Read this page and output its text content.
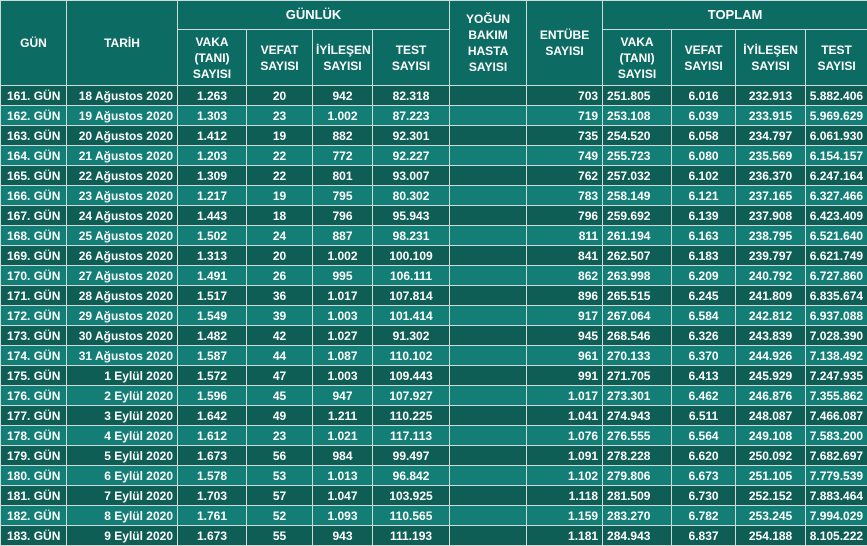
GÜN	TARİH	GÜNLÜK				YOĞUN BAKIM HASTA SAYISI	ENTÜBE SAYISI	TOPLAM			
		VAKA (TANI) SAYISI	VEFAT SAYISI	İYİLEŞEN SAYISI	TEST SAYISI			VAKA (TANI) SAYISI	VEFAT SAYISI	İYİLEŞEN SAYISI	TEST SAYISI
161. GÜN	18 Ağustos 2020	1.263	20	942	82.318		703	251.805	6.016	232.913	5.882.406
162. GÜN	19 Ağustos 2020	1.303	23	1.002	87.223		719	253.108	6.039	233.915	5.969.629
163. GÜN	20 Ağustos 2020	1.412	19	882	92.301		735	254.520	6.058	234.797	6.061.930
164. GÜN	21 Ağustos 2020	1.203	22	772	92.227		749	255.723	6.080	235.569	6.154.157
165. GÜN	22 Ağustos 2020	1.309	22	801	93.007		762	257.032	6.102	236.370	6.247.164
166. GÜN	23 Ağustos 2020	1.217	19	795	80.302		783	258.149	6.121	237.165	6.327.466
167. GÜN	24 Ağustos 2020	1.443	18	796	95.943		796	259.692	6.139	237.908	6.423.409
168. GÜN	25 Ağustos 2020	1.502	24	887	98.231		811	261.194	6.163	238.795	6.521.640
169. GÜN	26 Ağustos 2020	1.313	20	1.002	100.109		841	262.507	6.183	239.797	6.621.749
170. GÜN	27 Ağustos 2020	1.491	26	995	106.111		862	263.998	6.209	240.792	6.727.860
171. GÜN	28 Ağustos 2020	1.517	36	1.017	107.814		896	265.515	6.245	241.809	6.835.674
172. GÜN	29 Ağustos 2020	1.549	39	1.003	101.414		917	267.064	6.584	242.812	6.937.088
173. GÜN	30 Ağustos 2020	1.482	42	1.027	91.302		945	268.546	6.326	243.839	7.028.390
174. GÜN	31 Ağustos 2020	1.587	44	1.087	110.102		961	270.133	6.370	244.926	7.138.492
175. GÜN	1 Eylül 2020	1.572	47	1.003	109.443		991	271.705	6.413	245.929	7.247.935
176. GÜN	2 Eylül 2020	1.596	45	947	107.927		1.017	273.301	6.462	246.876	7.355.862
177. GÜN	3 Eylül 2020	1.642	49	1.211	110.225		1.041	274.943	6.511	248.087	7.466.087
178. GÜN	4 Eylül 2020	1.612	23	1.021	117.113		1.076	276.555	6.564	249.108	7.583.200
179. GÜN	5 Eylül 2020	1.673	56	984	99.497		1.091	278.228	6.620	250.092	7.682.697
180. GÜN	6 Eylül 2020	1.578	53	1.013	96.842		1.102	279.806	6.673	251.105	7.779.539
181. GÜN	7 Eylül 2020	1.703	57	1.047	103.925		1.118	281.509	6.730	252.152	7.883.464
182. GÜN	8 Eylül 2020	1.761	52	1.093	110.565		1.159	283.270	6.782	253.245	7.994.029
183. GÜN	9 Eylül 2020	1.673	55	943	111.193		1.181	284.943	6.837	254.188	8.105.222
